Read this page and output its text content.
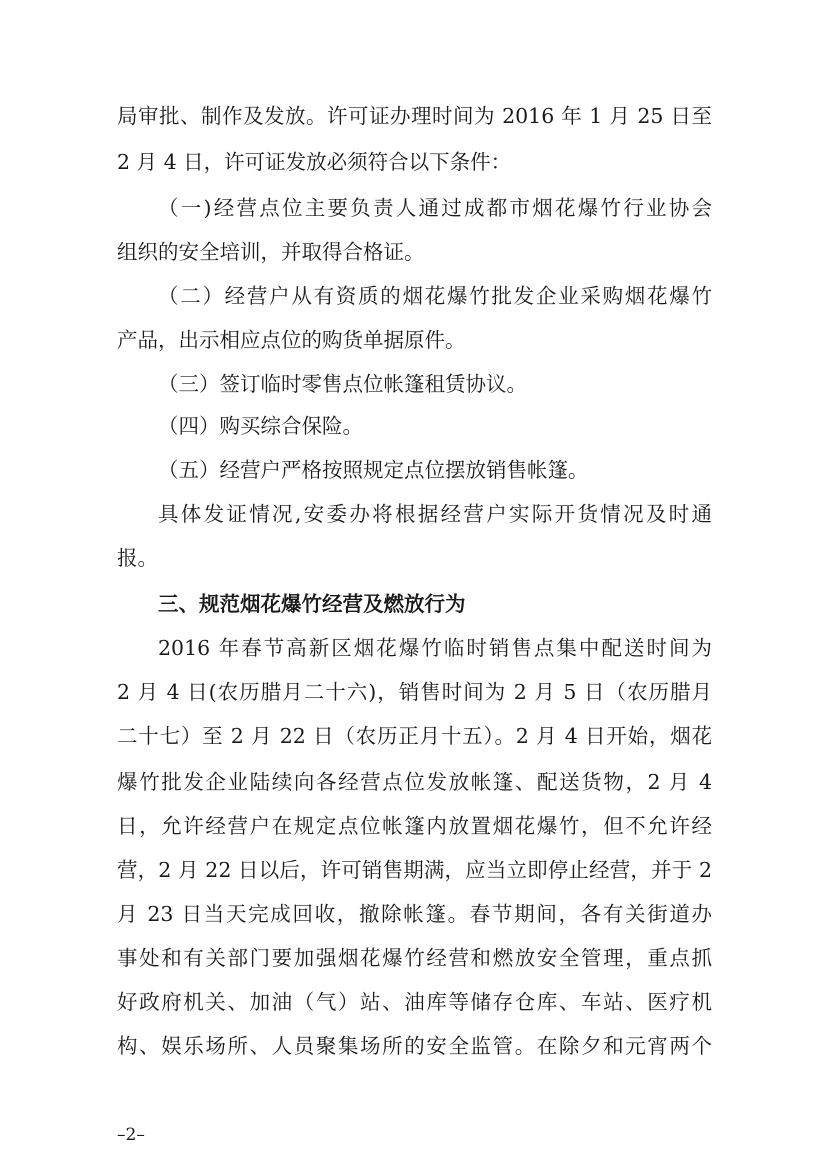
局审批、制作及发放。许可证办理时间为 2016 年 1 月 25 日至
2 月 4 日，许可证发放必须符合以下条件：
（一)经营点位主要负责人通过成都市烟花爆竹行业协会
组织的安全培训，并取得合格证。
（二）经营户从有资质的烟花爆竹批发企业采购烟花爆竹
产品，出示相应点位的购货单据原件。
（三）签订临时零售点位帐篷租赁协议。
（四）购买综合保险。
（五）经营户严格按照规定点位摆放销售帐篷。
具体发证情况,安委办将根据经营户实际开货情况及时通
报。
三、规范烟花爆竹经营及燃放行为
2016 年春节高新区烟花爆竹临时销售点集中配送时间为
2 月 4 日(农历腊月二十六)，销售时间为 2 月 5 日（农历腊月
二十七）至 2 月 22 日（农历正月十五）。2 月 4 日开始，烟花
爆竹批发企业陆续向各经营点位发放帐篷、配送货物，2 月 4
日，允许经营户在规定点位帐篷内放置烟花爆竹，但不允许经
营，2 月 22 日以后，许可销售期满，应当立即停止经营，并于 2
月 23 日当天完成回收，撤除帐篷。春节期间，各有关街道办
事处和有关部门要加强烟花爆竹经营和燃放安全管理，重点抓
好政府机关、加油（气）站、油库等储存仓库、车站、医疗机
构、娱乐场所、人员聚集场所的安全监管。在除夕和元宵两个
–2–
